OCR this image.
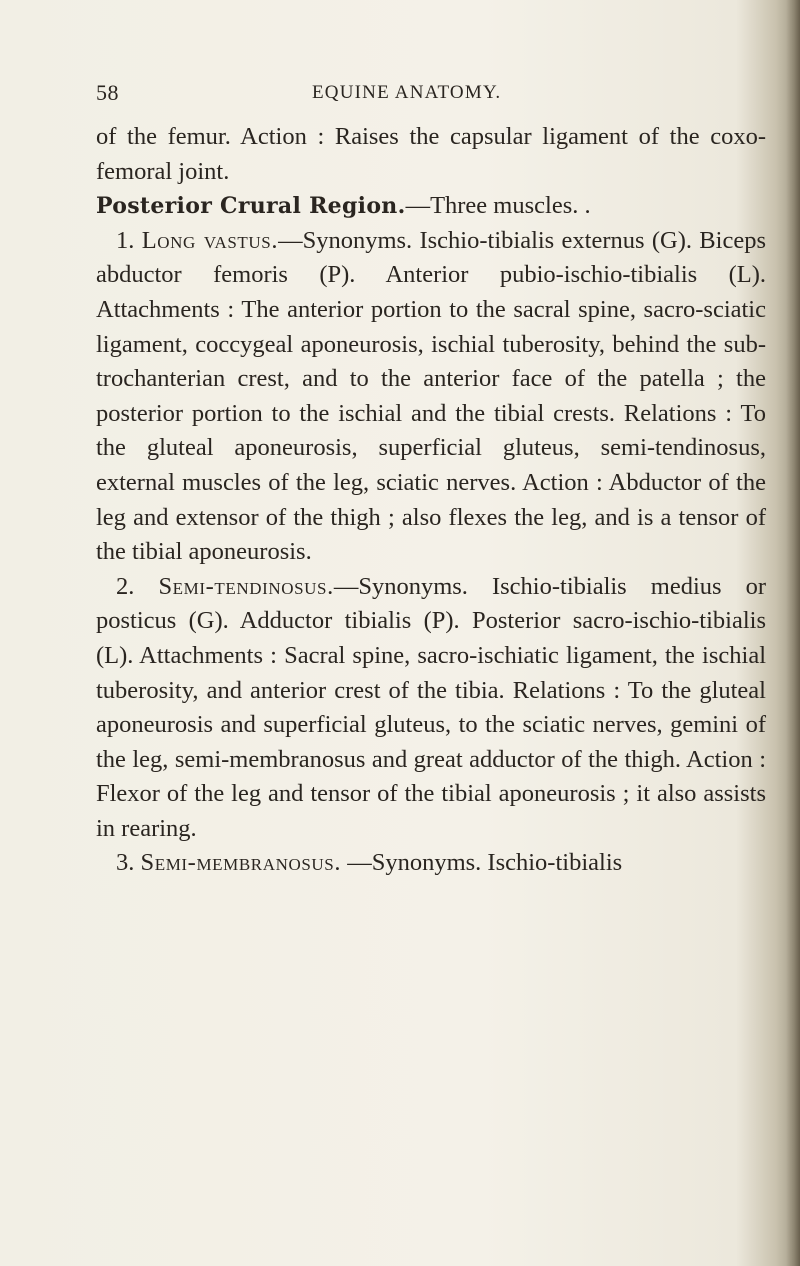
58	EQUINE ANATOMY.

of the femur. Action : Raises the capsular ligament of the coxo-femoral joint.

Posterior Crural Region.—Three muscles. .

1. Long vastus.—Synonyms. Ischio-tibialis externus (G). Biceps abductor femoris (P). Anterior pubio-ischio-tibialis (L). Attachments : The anterior portion to the sacral spine, sacro-sciatic ligament, coccygeal aponeurosis, ischial tuberosity, behind the sub-trochanterian crest, and to the anterior face of the patella ; the posterior portion to the ischial and the tibial crests. Relations : To the gluteal aponeurosis, superficial gluteus, semi-tendinosus, external muscles of the leg, sciatic nerves. Action : Abductor of the leg and extensor of the thigh ; also flexes the leg, and is a tensor of the tibial aponeurosis.

2. Semi-tendinosus.—Synonyms. Ischio-tibialis medius or posticus (G). Adductor tibialis (P). Posterior sacro-ischio-tibialis (L). Attachments : Sacral spine, sacro-ischiatic ligament, the ischial tuberosity, and anterior crest of the tibia. Relations : To the gluteal aponeurosis and superficial gluteus, to the sciatic nerves, gemini of the leg, semi-membranosus and great adductor of the thigh. Action : Flexor of the leg and tensor of the tibial aponeurosis ; it also assists in rearing.

3. Semi-membranosus. —Synonyms. Ischio-tibialis
